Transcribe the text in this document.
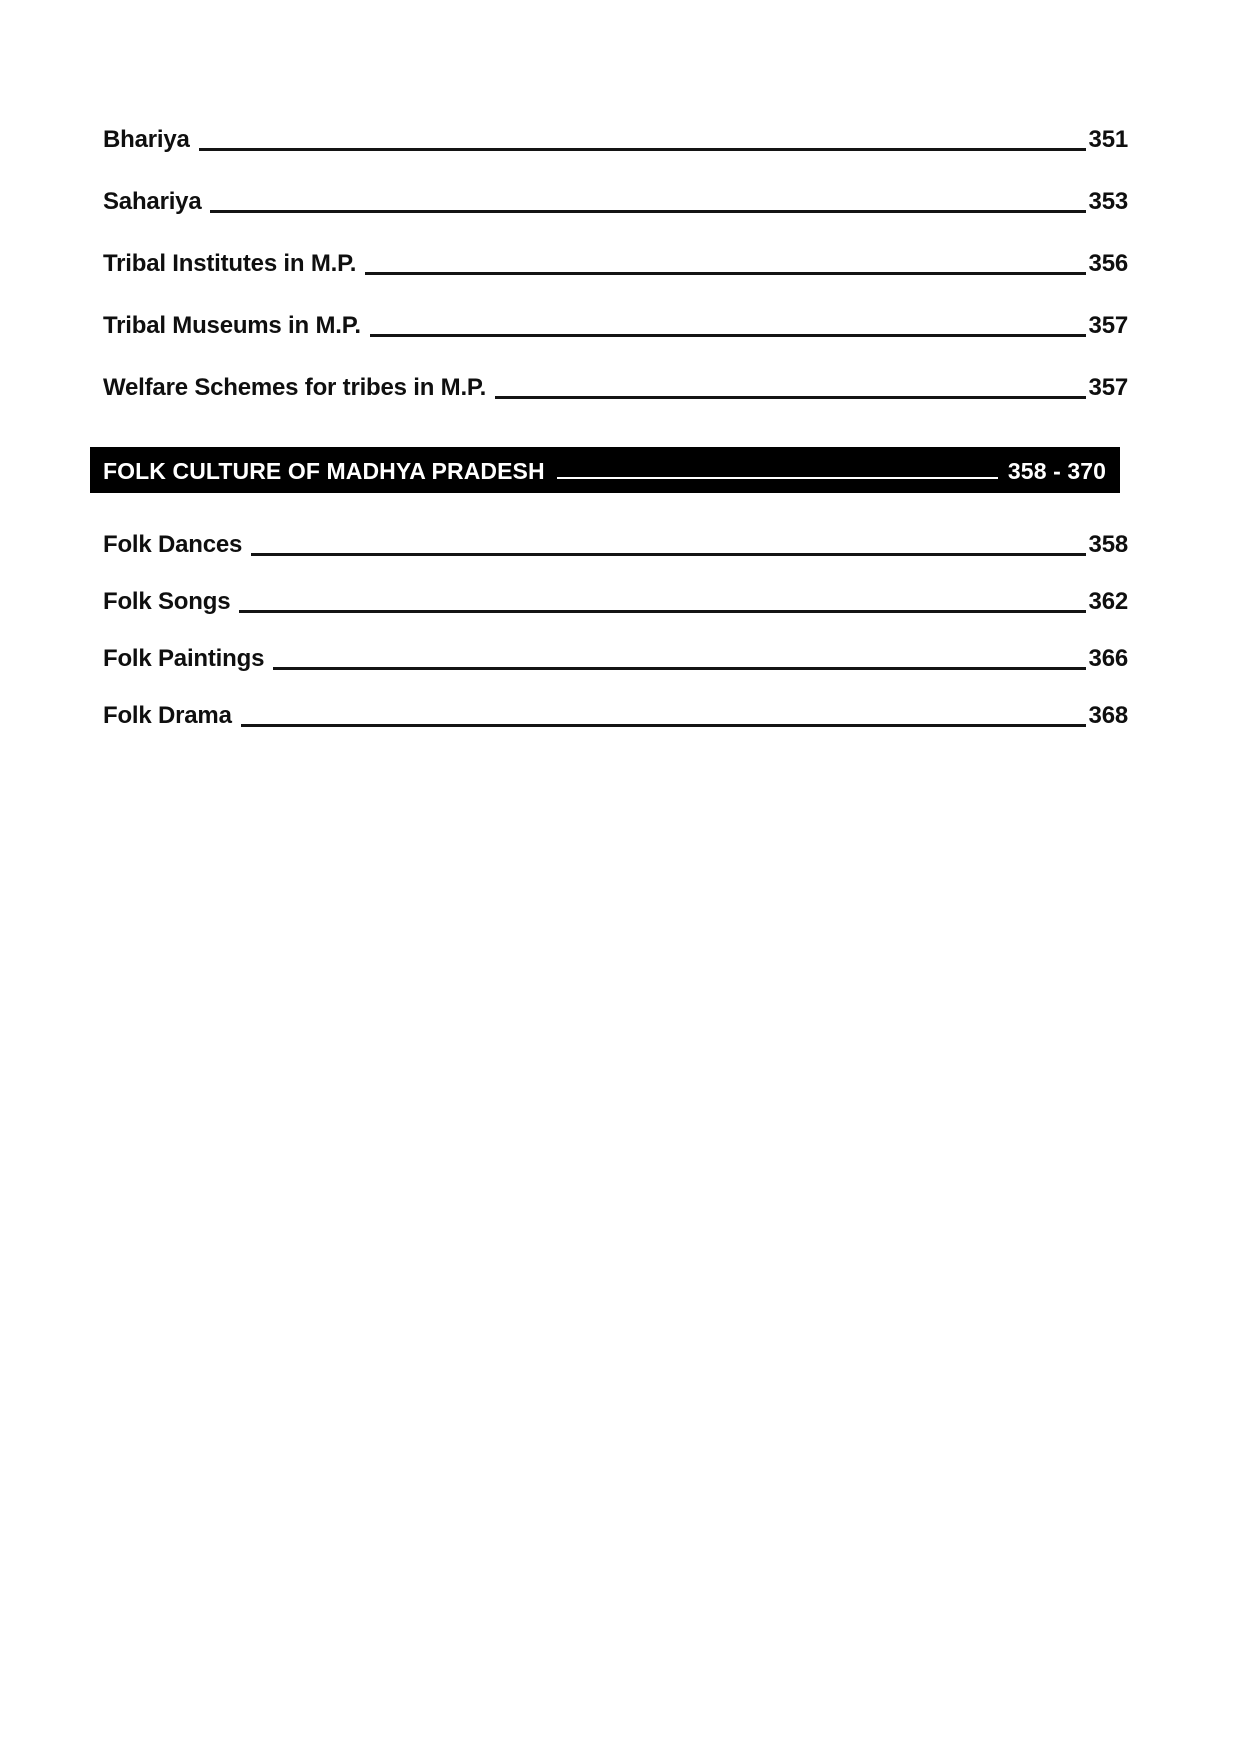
Bhariya	351
Sahariya	353
Tribal Institutes in M.P.	356
Tribal Museums in M.P.	357
Welfare Schemes for tribes in M.P.	357
FOLK CULTURE OF MADHYA PRADESH	358 - 370
Folk Dances	358
Folk Songs	362
Folk Paintings	366
Folk Drama	368
